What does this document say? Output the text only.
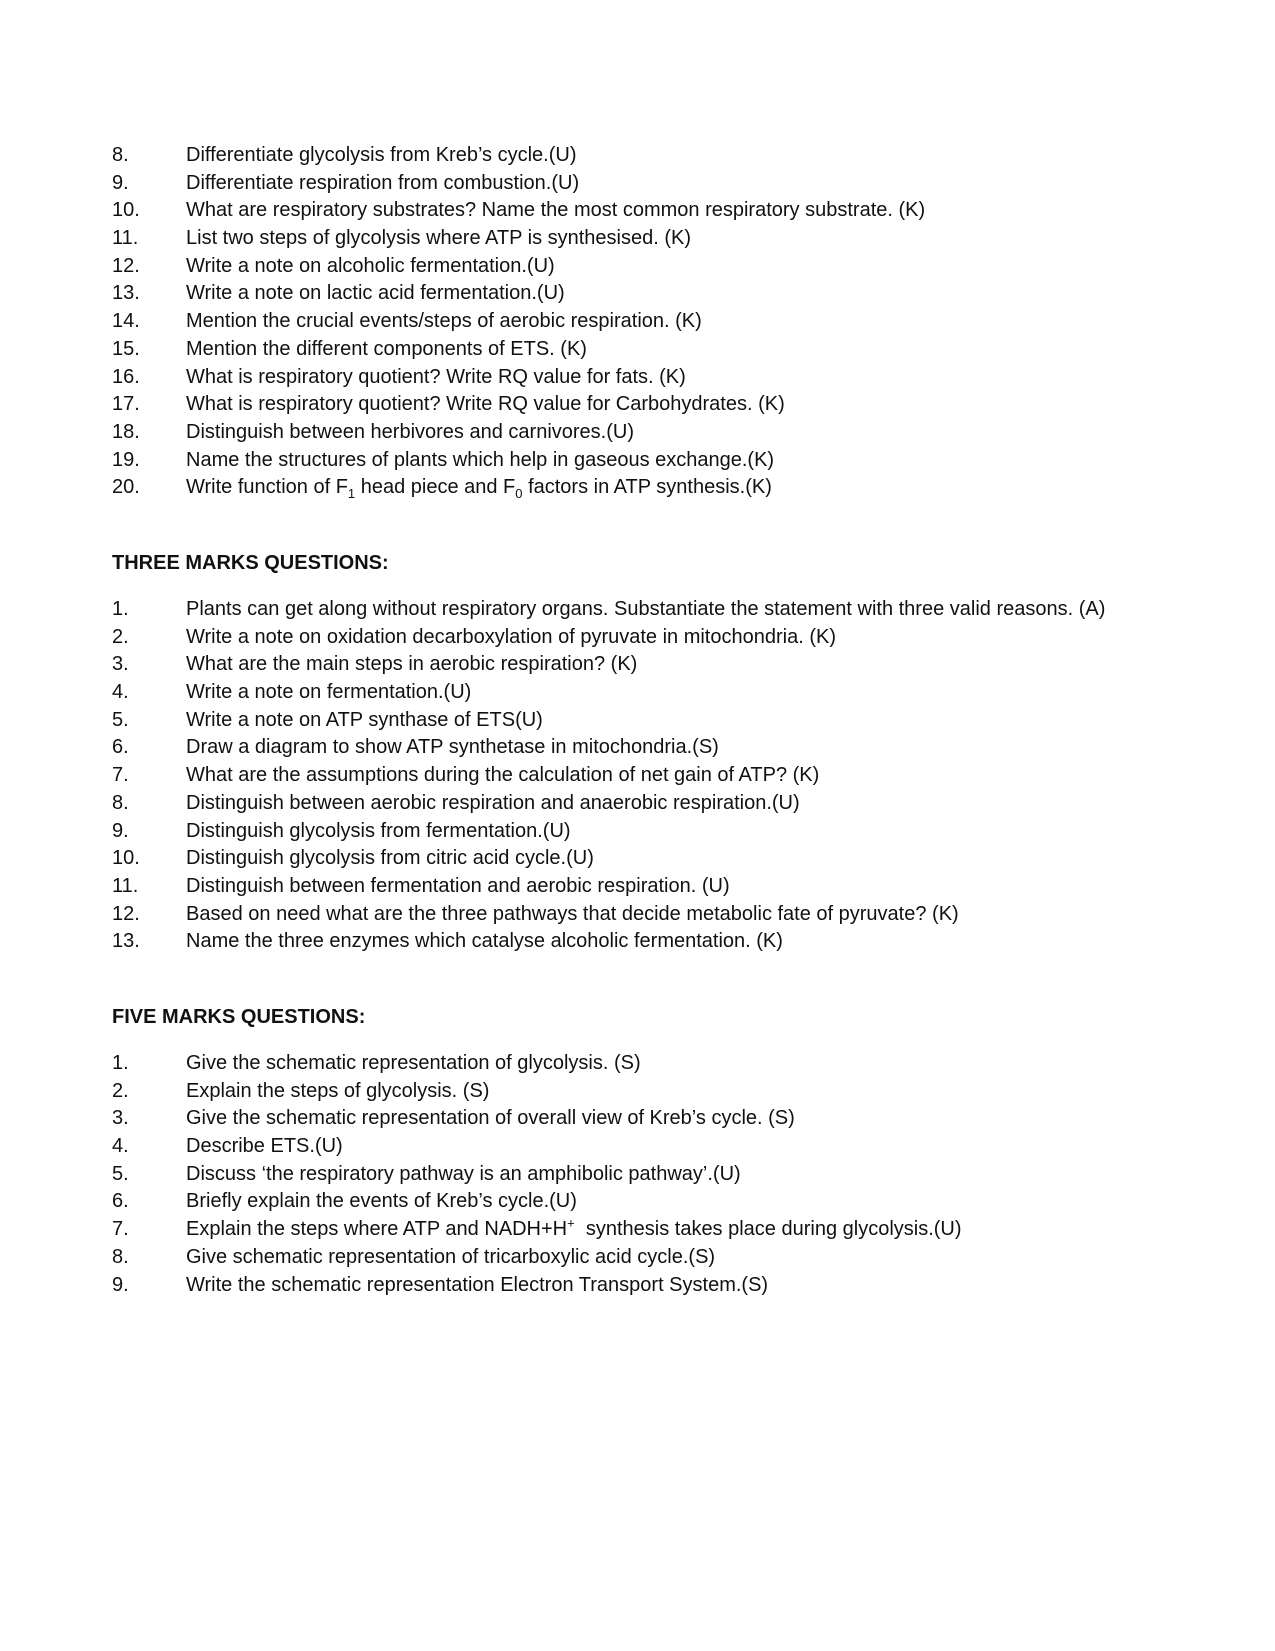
8.	Differentiate glycolysis from Kreb’s cycle.(U)
9.	Differentiate respiration from combustion.(U)
10.	What are respiratory substrates? Name the most common respiratory substrate. (K)
11.	List two steps of glycolysis where ATP is synthesised. (K)
12.	Write a note on alcoholic fermentation.(U)
13.	Write a note on lactic acid fermentation.(U)
14.	Mention the crucial events/steps of aerobic respiration. (K)
15.	Mention the different components of ETS. (K)
16.	What is respiratory quotient? Write RQ value for fats. (K)
17.	What is respiratory quotient? Write RQ value for Carbohydrates. (K)
18.	Distinguish between herbivores and carnivores.(U)
19.	Name the structures of plants which help in gaseous exchange.(K)
20.	Write function of $F_1$ head piece and $F_0$ factors in ATP synthesis.(K)
THREE MARKS QUESTIONS:
1.	Plants can get along without respiratory organs. Substantiate the statement with three valid reasons. (A)
2.	Write a note on oxidation decarboxylation of pyruvate in mitochondria. (K)
3.	What are the main steps in aerobic respiration? (K)
4.	Write a note on fermentation.(U)
5.	Write a note on ATP synthase of ETS(U)
6.	Draw a diagram to show ATP synthetase in mitochondria.(S)
7.	What are the assumptions during the calculation of net gain of ATP? (K)
8.	Distinguish between aerobic respiration and anaerobic respiration.(U)
9.	Distinguish glycolysis from fermentation.(U)
10.	Distinguish glycolysis from citric acid cycle.(U)
11.	Distinguish between fermentation and aerobic respiration. (U)
12.	Based on need what are the three pathways that decide metabolic fate of pyruvate? (K)
13.	Name the three enzymes which catalyse alcoholic fermentation. (K)
FIVE MARKS QUESTIONS:
1.	Give the schematic representation of glycolysis. (S)
2.	Explain the steps of glycolysis. (S)
3.	Give the schematic representation of overall view of Kreb’s cycle. (S)
4.	Describe ETS.(U)
5.	Discuss ‘the respiratory pathway is an amphibolic pathway’.(U)
6.	Briefly explain the events of Kreb’s cycle.(U)
7.	Explain the steps where ATP and NADH+H+  synthesis takes place during glycolysis.(U)
8.	Give schematic representation of tricarboxylic acid cycle.(S)
9.	Write the schematic representation Electron Transport System.(S)
